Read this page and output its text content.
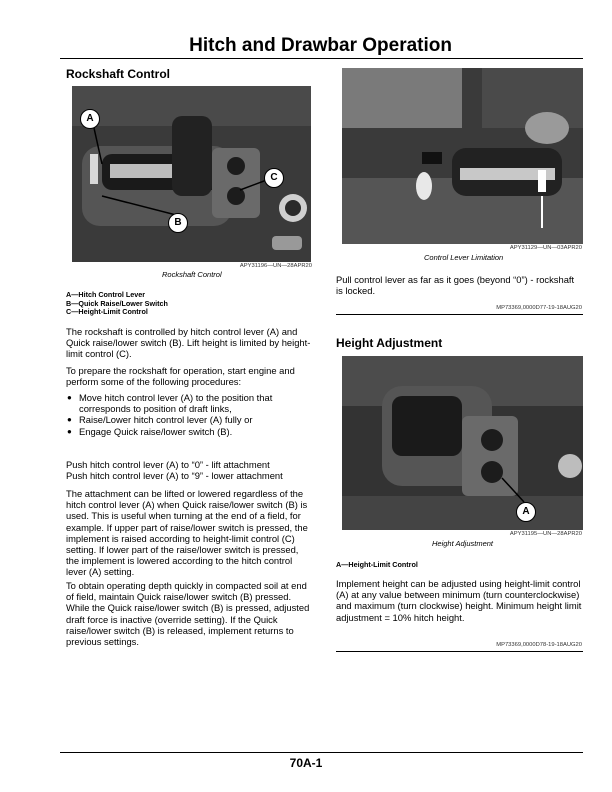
Hitch and Drawbar Operation
Rockshaft Control
A
C
B
APY31196—UN—28APR20
Rockshaft Control
A—Hitch Control Lever
B—Quick Raise/Lower Switch
C—Height-Limit Control
The rockshaft is controlled by hitch control lever (A) and Quick raise/lower switch (B). Lift height is limited by height-limit control (C).
To prepare the rockshaft for operation, start engine and perform some of the following procedures:
● Move hitch control lever (A) to the position that corresponds to position of draft links,
● Raise/Lower hitch control lever (A) fully or
● Engage Quick raise/lower switch (B).
Push hitch control lever (A) to “0” - lift attachment
Push hitch control lever (A) to “9” - lower attachment
The attachment can be lifted or lowered regardless of the hitch control lever (A) when Quick raise/lower switch (B) is used. This is useful when turning at the end of a field, for example. If upper part of raise/lower switch is pressed, the implement is raised according to height-limit control (C) setting. If lower part of the raise/lower switch is pressed, the implement is lowered according to the hitch control lever (A) setting.
To obtain operating depth quickly in compacted soil at end of field, maintain Quick raise/lower switch (B) pressed. While the Quick raise/lower switch (B) is pressed, adjusted draft force is inactive (override setting). If the Quick raise/lower switch (B) is released, implement returns to previous settings.
APY31129—UN—03APR20
Control Lever Limitation
Pull control lever as far as it goes (beyond “0”) - rockshaft is locked.
MP73369,0000D77-19-18AUG20
Height Adjustment
A
APY31195—UN—28APR20
Height Adjustment
A—Height-Limit Control
Implement height can be adjusted using height-limit control (A) at any value between minimum (turn counterclockwise) and maximum (turn clockwise) height. Minimum height limit adjustment = 10% hitch height.
MP73369,0000D78-19-18AUG20
70A-1
